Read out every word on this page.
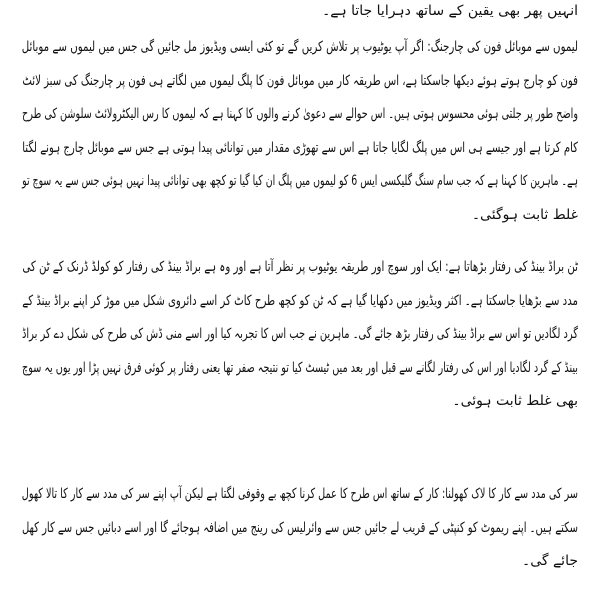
انہیں پھر بھی یقین کے ساتھ دہرایا جاتا ہے۔
لیموں سے موبائل فون کی چارجنگ: اگر آپ یوٹیوب پر تلاش کریں گے تو کئی ایسی ویڈیوز مل جائیں گی جس میں لیموں سے موبائل
فون کو چارج ہوتے ہوئے دیکھا جاسکتا ہے، اس طریقہ کار میں موبائل فون کا پلگ لیموں میں لگاتے ہی فون پر چارجنگ کی سبز لائٹ
واضح طور پر جلتی ہوئی محسوس ہوتی ہیں۔ اس حوالے سے دعویٰ کرنے والوں کا کہنا ہے کہ لیموں کا رس الیکٹرولائٹ سلوشن کی طرح
کام کرتا ہے اور جیسے ہی اس میں پلگ لگایا جاتا ہے اس سے تھوڑی مقدار میں توانائی پیدا ہوتی ہے جس سے موبائل چارج ہونے لگتا
ہے۔ ماہرین کا کہنا ہے کہ جب سام سنگ گلیکسی ایس 6 کو لیموں میں پلگ ان کیا گیا تو کچھ بھی توانائی پیدا نہیں ہوئی جس سے یہ سوچ تو
غلط ثابت ہوگئی۔
ٹن براڈ بینڈ کی رفتار بڑھاتا ہے: ایک اور سوچ اور طریقہ یوٹیوب پر نظر آتا ہے اور وہ ہے براڈ بینڈ کی رفتار کو کولڈ ڈرنک کے ٹن کی
مدد سے بڑھایا جاسکتا ہے۔ اکثر ویڈیوز میں دکھایا گیا ہے کہ ٹن کو کچھ طرح کاٹ کر اسے دائروی شکل میں موڑ کر اپنے براڈ بینڈ کے
گرد لگادیں تو اس سے براڈ بینڈ کی رفتار بڑھ جائے گی۔ ماہرین نے جب اس کا تجربہ کیا اور اسے منی ڈش کی طرح کی شکل دے کر براڈ
بینڈ کے گرد لگادیا اور اس کی رفتار لگانے سے قبل اور بعد میں ٹیسٹ کیا تو نتیجہ صفر تھا یعنی رفتار پر کوئی فرق نہیں پڑا اور یوں یہ سوچ
بھی غلط ثابت ہوئی۔
سر کی مدد سے کار کا لاک کھولنا: کار کے ساتھ اس طرح کا عمل کرنا کچھ بے وقوفی لگتا ہے لیکن آپ اپنے سر کی مدد سے کار کا تالا کھول
سکتے ہیں۔ اپنے ریموٹ کو کنپٹی کے قریب لے جائیں جس سے وائرلیس کی رینج میں اضافہ ہوجائے گا اور اسے دبائیں جس سے کار کھل
جائے گی۔
